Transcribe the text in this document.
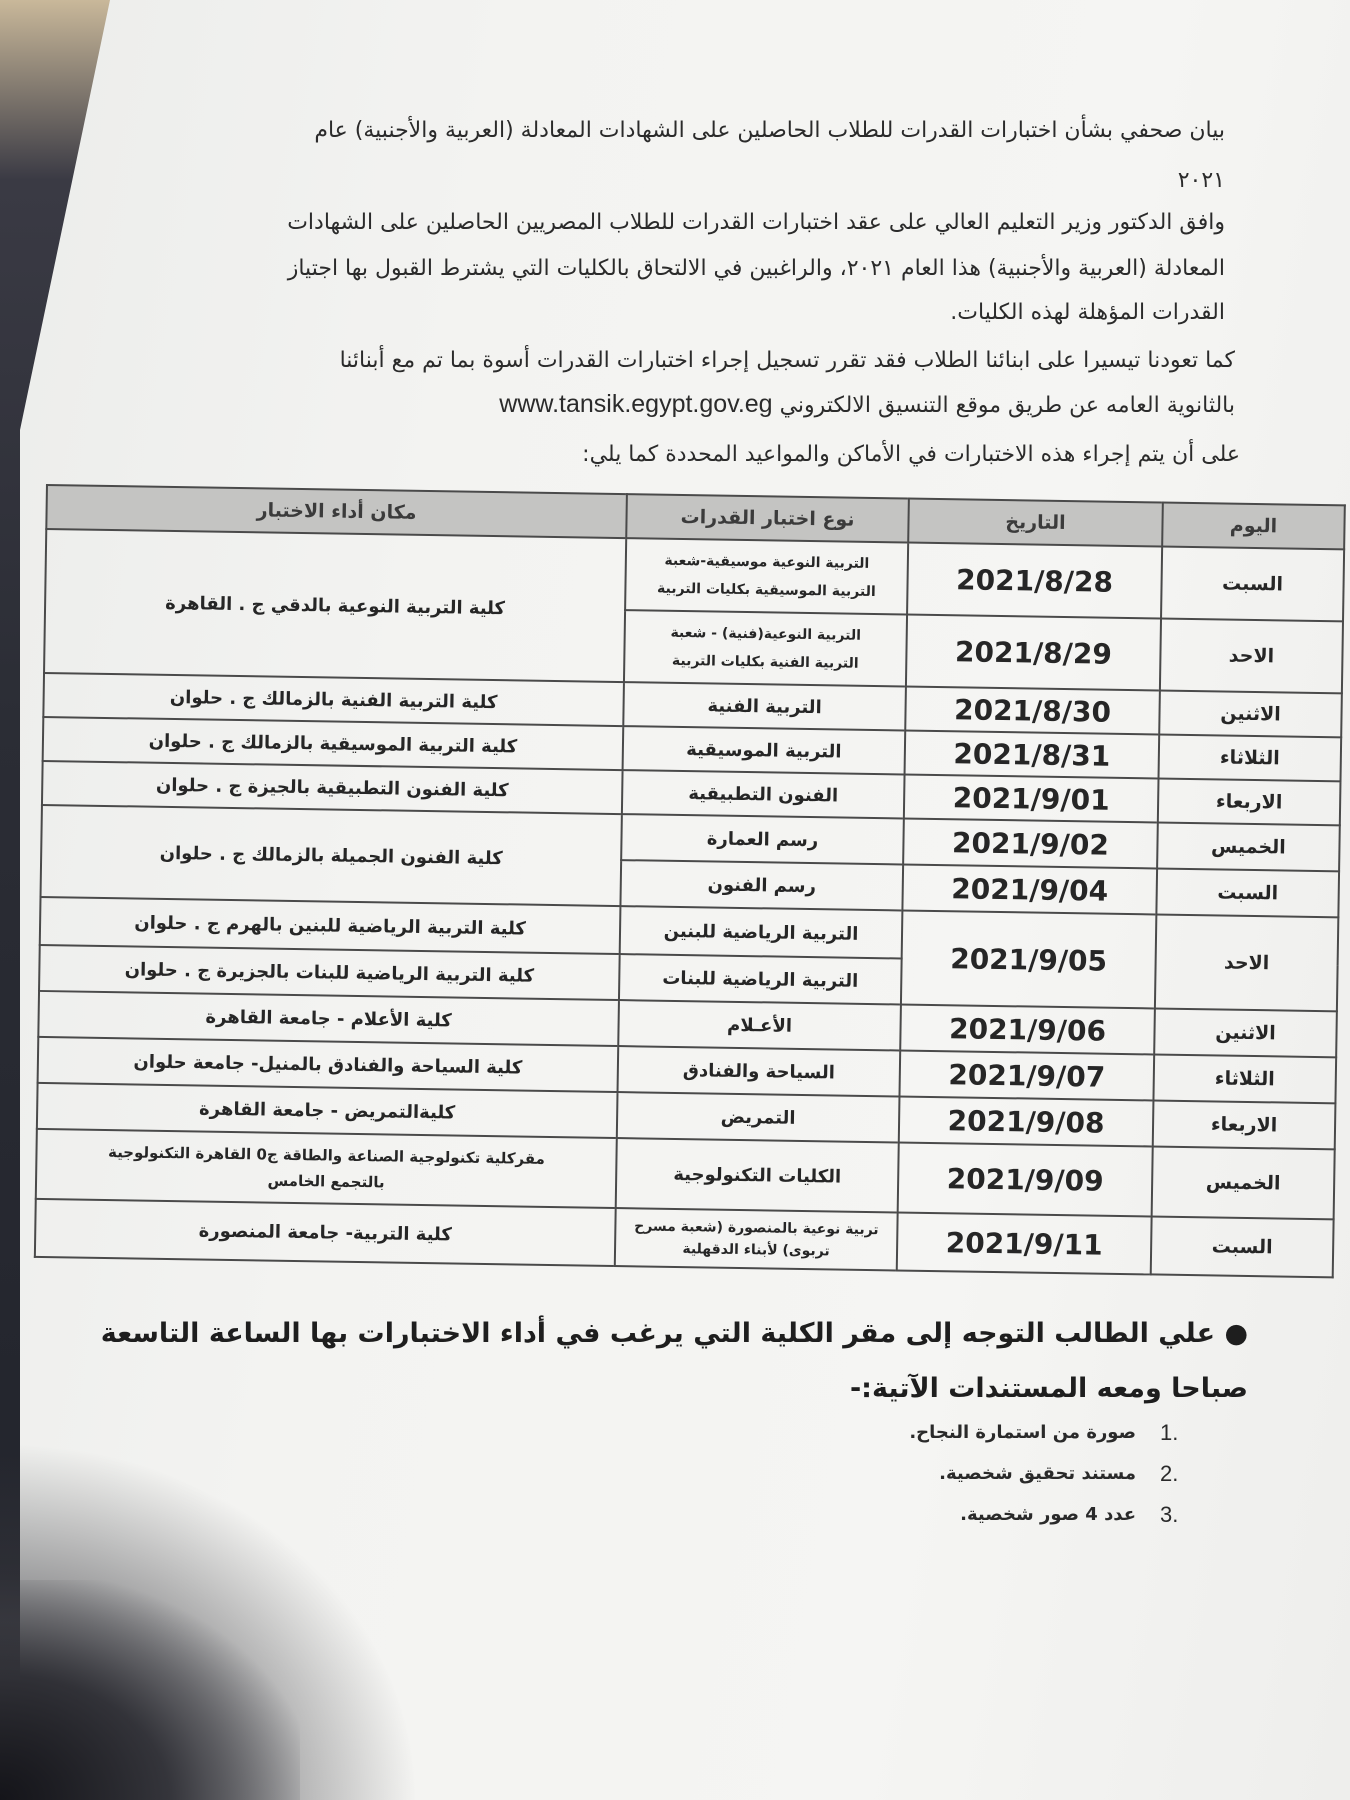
بيان صحفي بشأن اختبارات القدرات للطلاب الحاصلين على الشهادات المعادلة (العربية والأجنبية) عام
٢٠٢١
وافق الدكتور وزير التعليم العالي على عقد اختبارات القدرات للطلاب المصريين الحاصلين على الشهادات
المعادلة (العربية والأجنبية) هذا العام ٢٠٢١، والراغبين في الالتحاق بالكليات التي يشترط القبول بها اجتياز
القدرات المؤهلة لهذه الكليات.
كما تعودنا تيسيرا على ابنائنا الطلاب فقد تقرر تسجيل إجراء اختبارات القدرات أسوة بما تم مع أبنائنا
بالثانوية العامه عن طريق موقع التنسيق الالكتروني www.tansik.egypt.gov.eg
على أن يتم إجراء هذه الاختبارات في الأماكن والمواعيد المحددة كما يلي:
اليوم	التاريخ	نوع اختبار القدرات	مكان أداء الاختبار
السبت	2021/8/28	التربية النوعية موسيقية-شعبة
التربية الموسيقية بكليات التربية	كلية التربية النوعية بالدقي ج . القاهرة
الاحد	2021/8/29	التربية النوعية(فنية) - شعبة
التربية الفنية بكليات التربية	

الاثنين	2021/8/30	التربية الفنية	كلية التربية الفنية بالزمالك ج . حلوان
الثلاثاء	2021/8/31	التربية الموسيقية	كلية التربية الموسيقية بالزمالك ج . حلوان
الاربعاء	2021/9/01	الفنون التطبيقية	كلية الفنون التطبيقية بالجيزة ج . حلوان
الخميس	2021/9/02	رسم العمارة	كلية الفنون الجميلة بالزمالك ج . حلوان
السبت	2021/9/04	رسم الفنون	
الاحد	2021/9/05	التربية الرياضية للبنين	كلية التربية الرياضية للبنين بالهرم ج . حلوان
		التربية الرياضية للبنات	كلية التربية الرياضية للبنات بالجزيرة ج . حلوان
الاثنين	2021/9/06	الأعـلام	كلية الأعلام - جامعة القاهرة
الثلاثاء	2021/9/07	السياحة والفنادق	كلية السياحة والفنادق بالمنيل- جامعة حلوان
الاربعاء	2021/9/08	التمريض	كليةالتمريض - جامعة القاهرة
الخميس	2021/9/09	الكليات التكنولوجية	مقركلية تكنولوجية الصناعة والطاقة ج0 القاهرة التكنولوجية
بالتجمع الخامس

السبت	2021/9/11	تربية نوعية بالمنصورة (شعبة مسرح
تربوى) لأبناء الدقهلية	كلية التربية- جامعة المنصورة
● علي الطالب التوجه إلى مقر الكلية التي يرغب في أداء الاختبارات بها الساعة التاسعة
صباحا ومعه المستندات الآتية:-
1.
صورة من استمارة النجاح.
2.
مستند تحقيق شخصية.
3.
عدد 4 صور شخصية.
